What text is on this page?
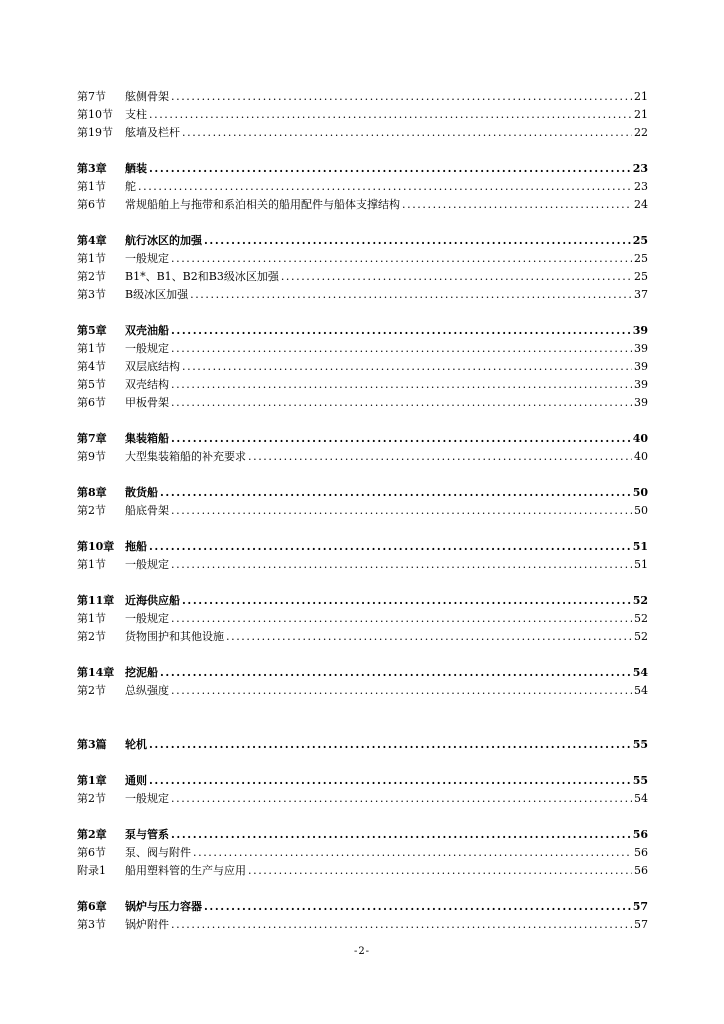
第7节	舷侧骨架 .....	21
第10节	支柱 .....	21
第19节	舷墙及栏杆 .....	22
第3章	舾装 .....	23
第1节	舵 .....	23
第6节	常规船舶上与拖带和系泊相关的船用配件与船体支撑结构 .....	24
第4章	航行冰区的加强 .....	25
第1节	一般规定 .....	25
第2节	B1*、B1、B2和B3级冰区加强 .....	25
第3节	B级冰区加强 .....	37
第5章	双壳油船 .....	39
第1节	一般规定 .....	39
第4节	双层底结构 .....	39
第5节	双壳结构 .....	39
第6节	甲板骨架 .....	39
第7章	集装箱船 .....	40
第9节	大型集装箱船的补充要求 .....	40
第8章	散货船 .....	50
第2节	船底骨架 .....	50
第10章 拖船 .....	51
第1节	一般规定 .....	51
第11章 近海供应船 .....	52
第1节	一般规定 .....	52
第2节	货物围护和其他设施 .....	52
第14章 挖泥船 .....	54
第2节	总纵强度 .....	54
第3篇	轮机 .....	55
第1章	通则 .....	55
第2节	一般规定 .....	54
第2章	泵与管系 .....	56
第6节	泵、阀与附件 .....	56
附录1	船用塑料管的生产与应用 .....	56
第6章	锅炉与压力容器 .....	57
第3节	锅炉附件 .....	57
-2-
